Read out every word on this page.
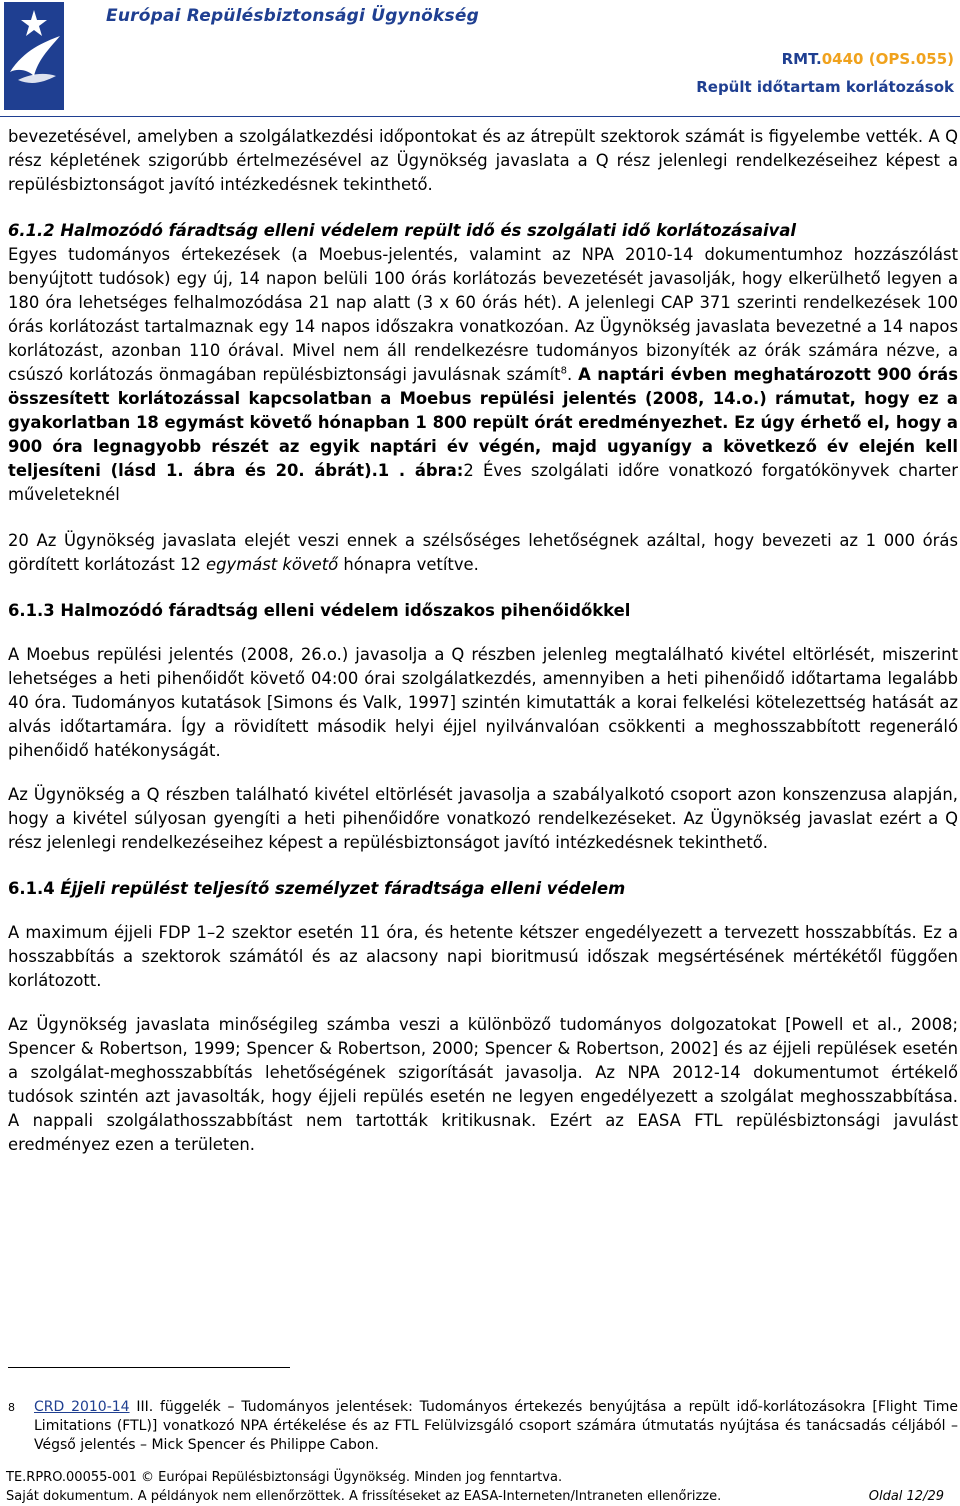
Európai Repülésbiztonsági Ügynökség
RMT.0440 (OPS.055)
Repült időtartam korlátozások

bevezetésével, amelyben a szolgálatkezdési időpontokat és az átrepült szektorok számát is figyelembe vették. A Q rész képletének szigorúbb értelmezésével az Ügynökség javaslata a Q rész jelenlegi rendelkezéseihez képest a repülésbiztonságot javító intézkedésnek tekinthető.

6.1.2 Halmozódó fáradtság elleni védelem repült idő és szolgálati idő korlátozásaival

Egyes tudományos értekezések (a Moebus-jelentés, valamint az NPA 2010-14 dokumentumhoz hozzászólást benyújtott tudósok) egy új, 14 napon belüli 100 órás korlátozás bevezetését javasolják, hogy elkerülhető legyen a 180 óra lehetséges felhalmozódása 21 nap alatt (3 x 60 órás hét). A jelenlegi CAP 371 szerinti rendelkezések 100 órás korlátozást tartalmaznak egy 14 napos időszakra vonatkozóan. Az Ügynökség javaslata bevezetné a 14 napos korlátozást, azonban 110 órával. Mivel nem áll rendelkezésre tudományos bizonyíték az órák számára nézve, a csúszó korlátozás önmagában repülésbiztonsági javulásnak számít$^8$. A naptári évben meghatározott 900 órás összesített korlátozással kapcsolatban a Moebus repülési jelentés (2008, 14.o.) rámutat, hogy ez a gyakorlatban 18 egymást követő hónapban 1 800 repült órát eredményezhet. Ez úgy érhető el, hogy a 900 óra legnagyobb részét az egyik naptári év végén, majd ugyanígy a következő év elején kell teljesíteni (lásd 1. ábra és 20. ábrát).1 . ábra:2 Éves szolgálati időre vonatkozó forgatókönyvek charter műveleteknél

20 Az Ügynökség javaslata elejét veszi ennek a szélsőséges lehetőségnek azáltal, hogy bevezeti az 1 000 órás gördített korlátozást 12 egymást követő hónapra vetítve.

6.1.3 Halmozódó fáradtság elleni védelem időszakos pihenőidőkkel

A Moebus repülési jelentés (2008, 26.o.) javasolja a Q részben jelenleg megtalálható kivétel eltörlését, miszerint lehetséges a heti pihenőidőt követő 04:00 órai szolgálatkezdés, amennyiben a heti pihenőidő időtartama legalább 40 óra. Tudományos kutatások [Simons és Valk, 1997] szintén kimutatták a korai felkelési kötelezettség hatását az alvás időtartamára. Így a rövidített második helyi éjjel nyilvánvalóan csökkenti a meghosszabbított regeneráló pihenőidő hatékonyságát.

Az Ügynökség a Q részben található kivétel eltörlését javasolja a szabályalkotó csoport azon konszenzusa alapján, hogy a kivétel súlyosan gyengíti a heti pihenőidőre vonatkozó rendelkezéseket. Az Ügynökség javaslat ezért a Q rész jelenlegi rendelkezéseihez képest a repülésbiztonságot javító intézkedésnek tekinthető.

6.1.4 Éjjeli repülést teljesítő személyzet fáradtsága elleni védelem

A maximum éjjeli FDP 1–2 szektor esetén 11 óra, és hetente kétszer engedélyezett a tervezett hosszabbítás. Ez a hosszabbítás a szektorok számától és az alacsony napi bioritmusú időszak megsértésének mértékétől függően korlátozott.

Az Ügynökség javaslata minőségileg számba veszi a különböző tudományos dolgozatokat [Powell et al., 2008; Spencer & Robertson, 1999; Spencer & Robertson, 2000; Spencer & Robertson, 2002] és az éjjeli repülések esetén a szolgálat-meghosszabbítás lehetőségének szigorítását javasolja. Az NPA 2012-14 dokumentumot értékelő tudósok szintén azt javasolták, hogy éjjeli repülés esetén ne legyen engedélyezett a szolgálat meghosszabbítása. A nappali szolgálathosszabbítást nem tartották kritikusnak. Ezért az EASA FTL repülésbiztonsági javulást eredményez ezen a területen.

8 CRD 2010-14 III. függelék – Tudományos jelentések: Tudományos értekezés benyújtása a repült idő-korlátozásokra [Flight Time Limitations (FTL)] vonatkozó NPA értékelése és az FTL Felülvizsgáló csoport számára útmutatás nyújtása és tanácsadás céljából – Végső jelentés – Mick Spencer és Philippe Cabon.
TE.RPRO.00055-001 © Európai Repülésbiztonsági Ügynökség. Minden jog fenntartva.
Saját dokumentum. A példányok nem ellenőrzöttek. A frissítéseket az EASA-Interneten/Intraneten ellenőrizze.	Oldal 12/29
